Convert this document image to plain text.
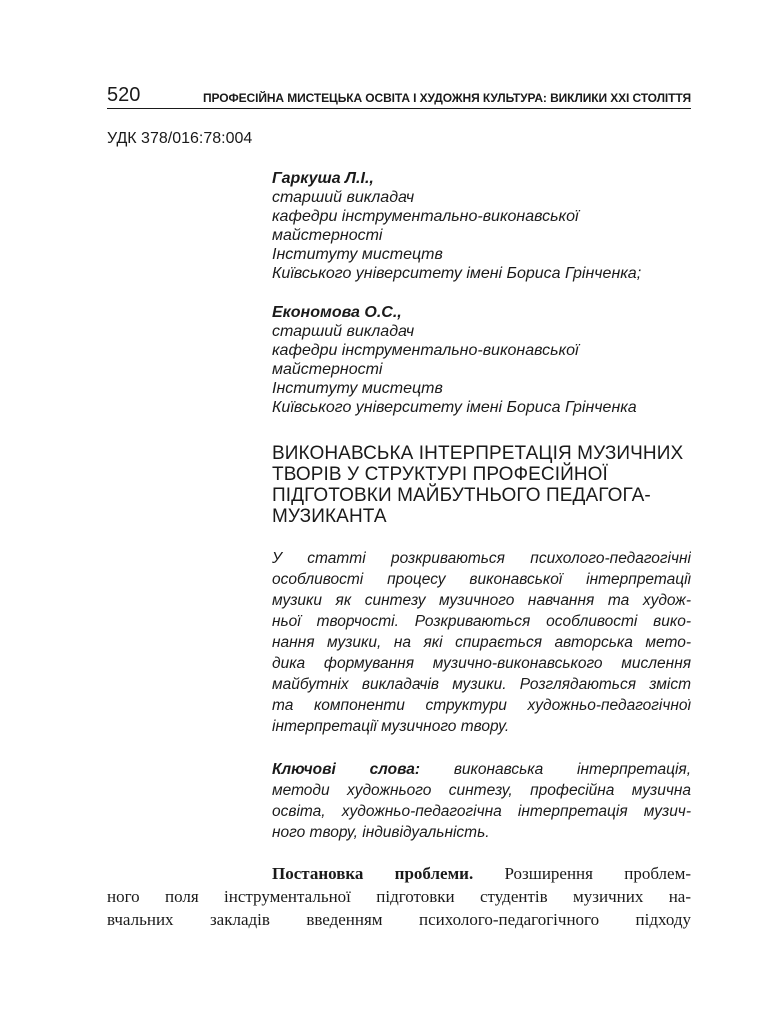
520	ПРОФЕСІЙНА МИСТЕЦЬКА ОСВІТА І ХУДОЖНЯ КУЛЬТУРА: ВИКЛИКИ XXI СТОЛІТТЯ
УДК 378/016:78:004
Гаркуша Л.І.,
старший викладач
кафедри інструментально-виконавської
майстерності
Інституту мистецтв
Київського університету імені Бориса Грінченка;
Економова О.С.,
старший викладач
кафедри інструментально-виконавської
майстерності
Інституту мистецтв
Київського університету імені Бориса Грінченка
ВИКОНАВСЬКА ІНТЕРПРЕТАЦІЯ МУЗИЧНИХ
ТВОРІВ У СТРУКТУРІ ПРОФЕСІЙНОЇ
ПІДГОТОВКИ МАЙБУТНЬОГО ПЕДАГОГА-
МУЗИКАНТА
У статті розкриваються психолого-педагогічні
особливості процесу виконавської інтерпретації
музики як синтезу музичного навчання та худож-
ньої творчості. Розкриваються особливості вико-
нання музики, на які спирається авторська мето-
дика формування музично-виконавського мислення
майбутніх викладачів музики. Розглядаються зміст
та компоненти структури художньо-педагогічної
інтерпретації музичного твору.
Ключові слова: виконавська інтерпретація,
методи художнього синтезу, професійна музична
освіта, художньо-педагогічна інтерпретація музич-
ного твору, індивідуальність.
Постановка проблеми. Розширення проблем-
ного поля інструментальної підготовки студентів музичних на-
вчальних закладів введенням психолого-педагогічного підходу
